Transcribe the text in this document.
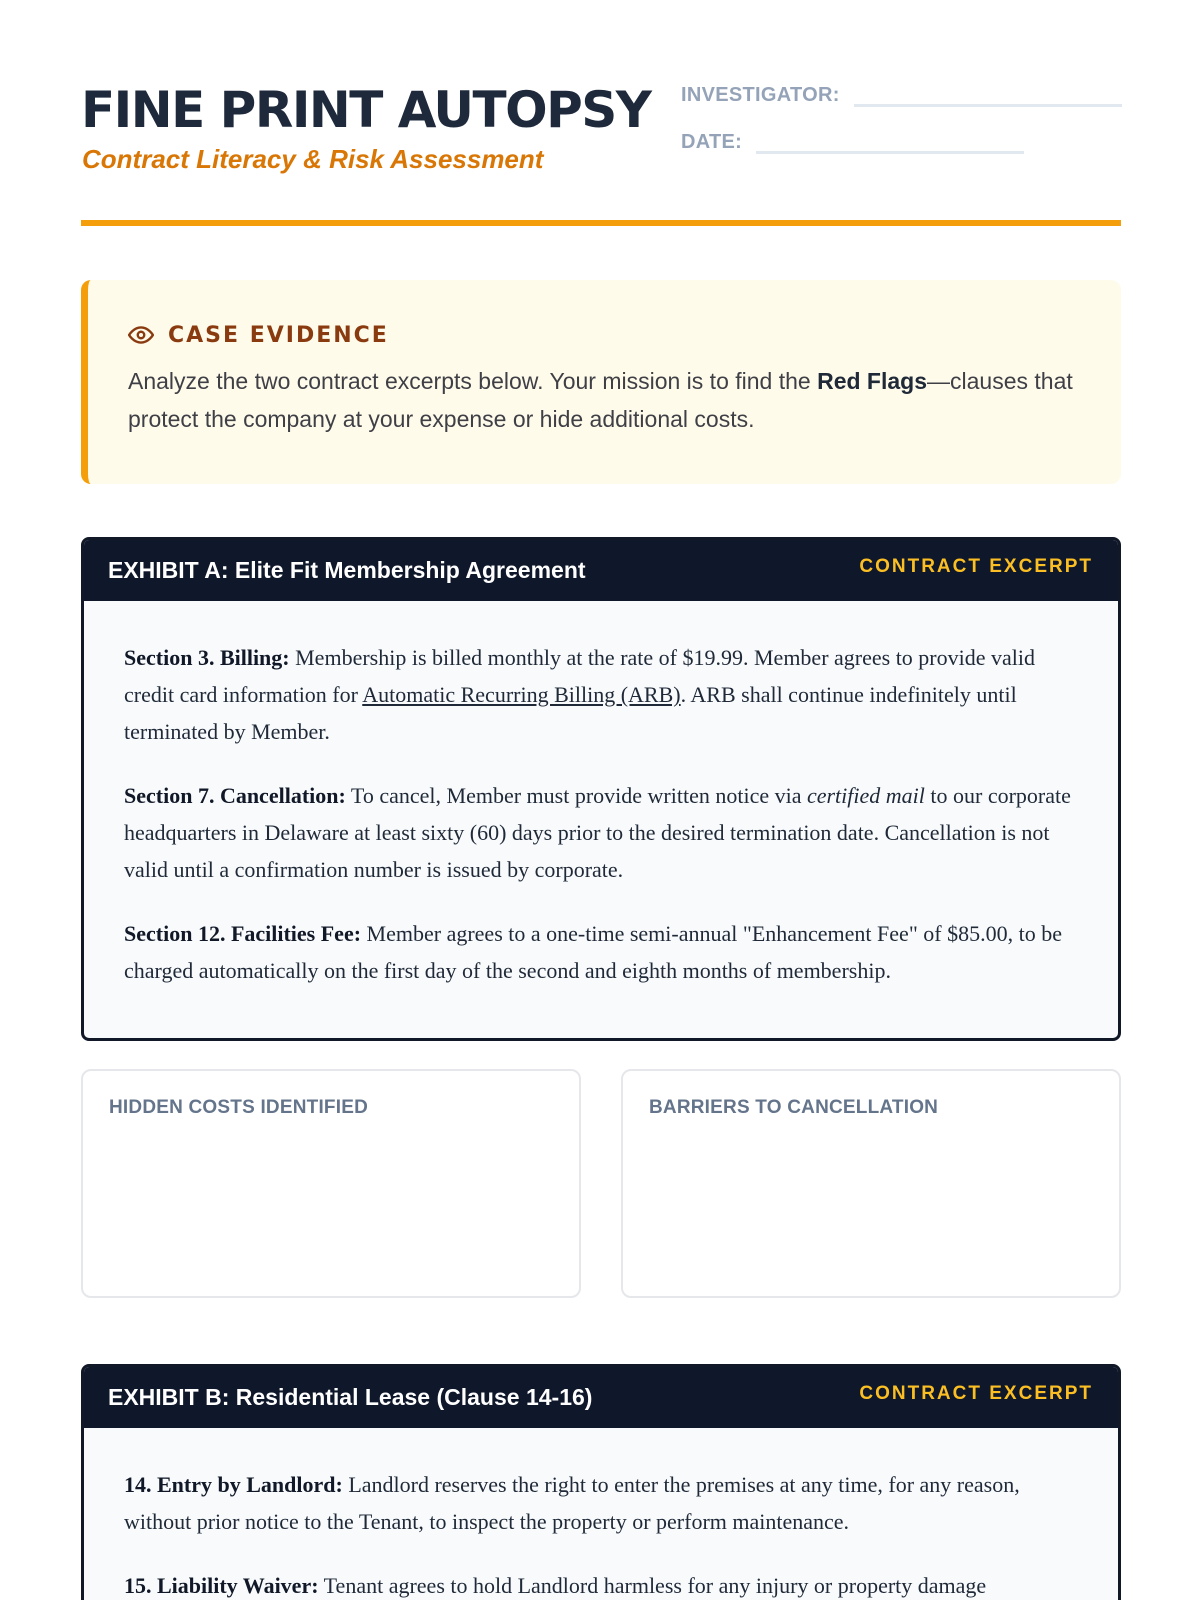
FINE PRINT AUTOPSY
Contract Literacy & Risk Assessment
INVESTIGATOR:
DATE:
CASE EVIDENCE
Analyze the two contract excerpts below. Your mission is to find the Red Flags—clauses that protect the company at your expense or hide additional costs.
EXHIBIT A: Elite Fit Membership Agreement	CONTRACT EXCERPT

Section 3. Billing: Membership is billed monthly at the rate of $19.99. Member agrees to provide valid credit card information for Automatic Recurring Billing (ARB). ARB shall continue indefinitely until terminated by Member.

Section 7. Cancellation: To cancel, Member must provide written notice via certified mail to our corporate headquarters in Delaware at least sixty (60) days prior to the desired termination date. Cancellation is not valid until a confirmation number is issued by corporate.

Section 12. Facilities Fee: Member agrees to a one-time semi-annual "Enhancement Fee" of $85.00, to be charged automatically on the first day of the second and eighth months of membership.

HIDDEN COSTS IDENTIFIED	BARRIERS TO CANCELLATION
EXHIBIT B: Residential Lease (Clause 14-16)	CONTRACT EXCERPT

14. Entry by Landlord: Landlord reserves the right to enter the premises at any time, for any reason, without prior notice to the Tenant, to inspect the property or perform maintenance.

15. Liability Waiver: Tenant agrees to hold Landlord harmless for any injury or property damage
